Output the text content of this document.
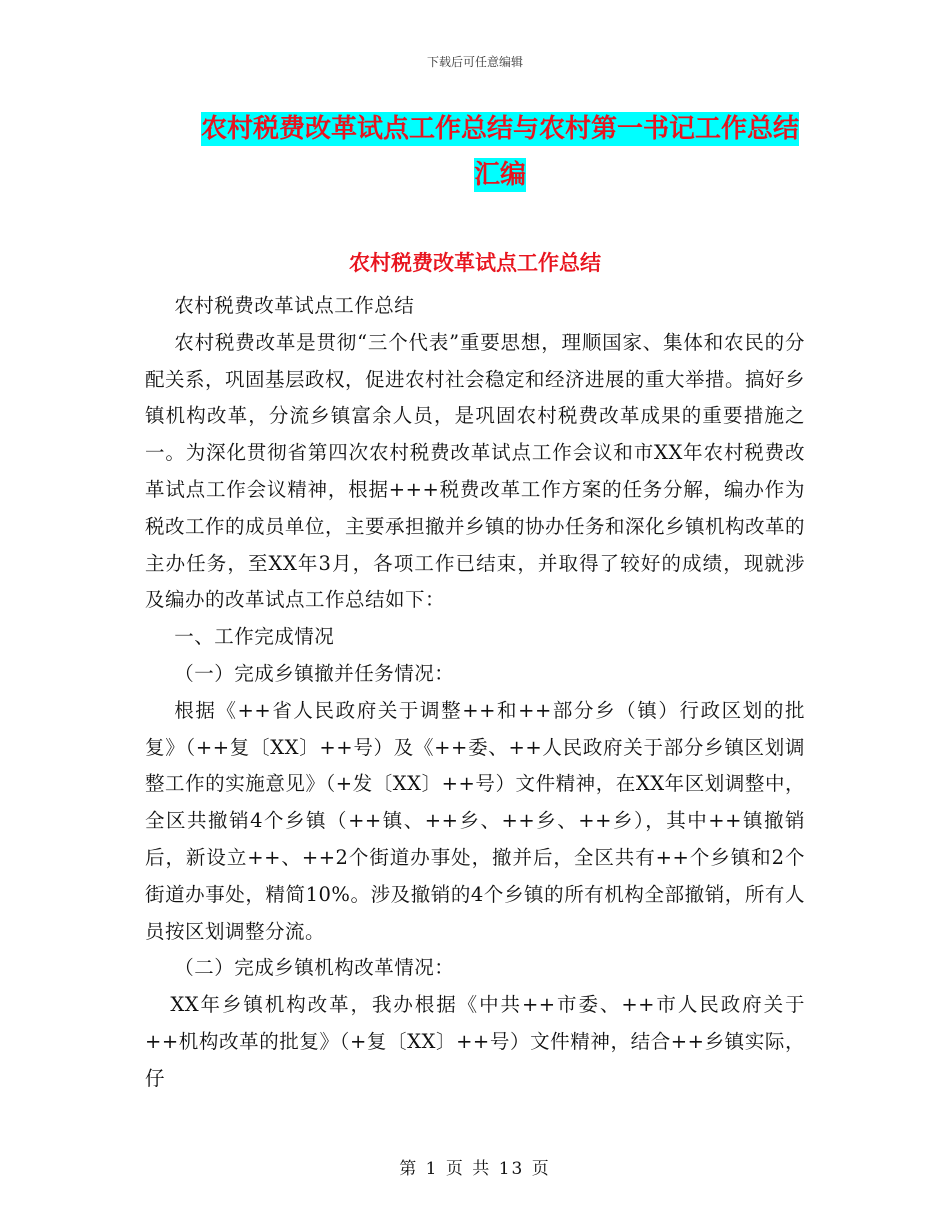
下载后可任意编辑
农村税费改革试点工作总结与农村第一书记工作总结
汇编
农村税费改革试点工作总结

农村税费改革试点工作总结

农村税费改革是贯彻“三个代表”重要思想，理顺国家、集体和农民的分配关系，巩固基层政权，促进农村社会稳定和经济进展的重大举措。搞好乡镇机构改革，分流乡镇富余人员，是巩固农村税费改革成果的重要措施之一。为深化贯彻省第四次农村税费改革试点工作会议和市XX年农村税费改革试点工作会议精神，根据+++税费改革工作方案的任务分解，编办作为税改工作的成员单位，主要承担撤并乡镇的协办任务和深化乡镇机构改革的主办任务，至XX年3月，各项工作已结束，并取得了较好的成绩，现就涉及编办的改革试点工作总结如下：

一、工作完成情况

（一）完成乡镇撤并任务情况：

根据《++省人民政府关于调整++和++部分乡（镇）行政区划的批复》（++复〔XX〕++号）及《++委、++人民政府关于部分乡镇区划调整工作的实施意见》（+发〔XX〕++号）文件精神，在XX年区划调整中，全区共撤销4个乡镇（++镇、++乡、++乡、++乡），其中++镇撤销后，新设立++、++2个街道办事处，撤并后，全区共有++个乡镇和2个街道办事处，精简10%。涉及撤销的4个乡镇的所有机构全部撤销，所有人员按区划调整分流。

（二）完成乡镇机构改革情况：

XX年乡镇机构改革，我办根据《中共++市委、++市人民政府关于++机构改革的批复》（+复〔XX〕++号）文件精神，结合++乡镇实际，仔

第 1 页 共 13 页
